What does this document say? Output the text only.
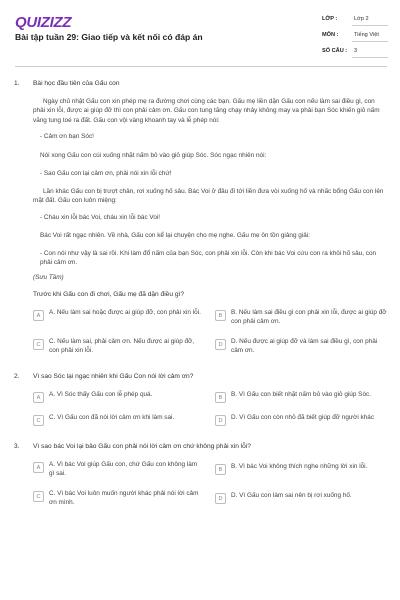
QUIZIZZ
Bài tập tuần 29: Giao tiếp và kết nối có đáp án
LỚP :	Lớp 2
MÔN :	Tiếng Việt
SỐ CÂU : 3
1. Bài học đầu tiên của Gấu con
Ngày chủ nhật Gấu con xin phép mẹ ra đường chơi cùng các bạn. Gấu mẹ liền dặn Gấu con nếu làm sai điều gì, con phải xin lỗi, được ai giúp đỡ thì con phải cảm ơn. Gấu con tung tăng chạy nhảy không may va phải bạn Sóc khiến giỏ nấm văng tung toé ra đất. Gấu con vội vàng khoanh tay và lễ phép nói:
- Cảm ơn bạn Sóc!
Nói xong Gấu con cúi xuống nhặt nấm bỏ vào giỏ giúp Sóc. Sóc ngạc nhiên nói:
- Sao Gấu con lại cảm ơn, phải nói xin lỗi chứ!
Lần khác Gấu con bị trượt chân, rơi xuống hố sâu. Bác Voi ở đâu đi tới liền đưa vòi xuống hố và nhấc bổng Gấu con lên mặt đất. Gấu con luôn miệng:
- Cháu xin lỗi bác Voi, cháu xin lỗi bác Voi!
Bác Voi rất ngạc nhiên. Về nhà, Gấu con kể lại chuyện cho mẹ nghe. Gấu mẹ ôn tồn giảng giải:
- Con nói như vậy là sai rồi. Khi làm đổ nấm của bạn Sóc, con phải xin lỗi. Còn khi bác Voi cứu con ra khỏi hố sâu, con phải cảm ơn.
(Sưu Tầm)
Trước khi Gấu con đi chơi, Gấu mẹ đã dặn điều gì?
A	A. Nếu làm sai hoặc được ai giúp đỡ, con phải xin lỗi.	B	B. Nếu làm sai điều gì con phải xin lỗi, được ai giúp đỡ con phải cảm ơn.
C	C. Nếu làm sai, phải cảm ơn. Nếu được ai giúp đỡ, con phải xin lỗi.
D	D. Nếu được ai giúp đỡ và làm sai điều gì, con phải cảm ơn.
2. Vì sao Sóc lại ngạc nhiên khi Gấu Con nói lời cảm ơn?
A	A. Vì Sóc thấy Gấu con lễ phép quá.	B	B. Vì Gấu con biết nhặt nấm bỏ vào giỏ giúp Sóc.
C	C. Vì Gấu con đã nói lời cảm ơn khi làm sai.	D	D. Vì Gấu con còn nhỏ đã biết giúp đỡ người khác
3. Vì sao bác Voi lại bảo Gấu con phải nói lời cảm ơn chứ không phải xin lỗi?
A	A. Vì bác Voi giúp Gấu con, chứ Gấu con không làm gì sai.
B	B. Vì bác Voi không thích nghe những lời xin lỗi.
C	C. Vì bác Voi luôn muốn người khác phải nói lời cảm ơn mình.
D	D. Vì Gấu con làm sai nên bị rơi xuống hố.
